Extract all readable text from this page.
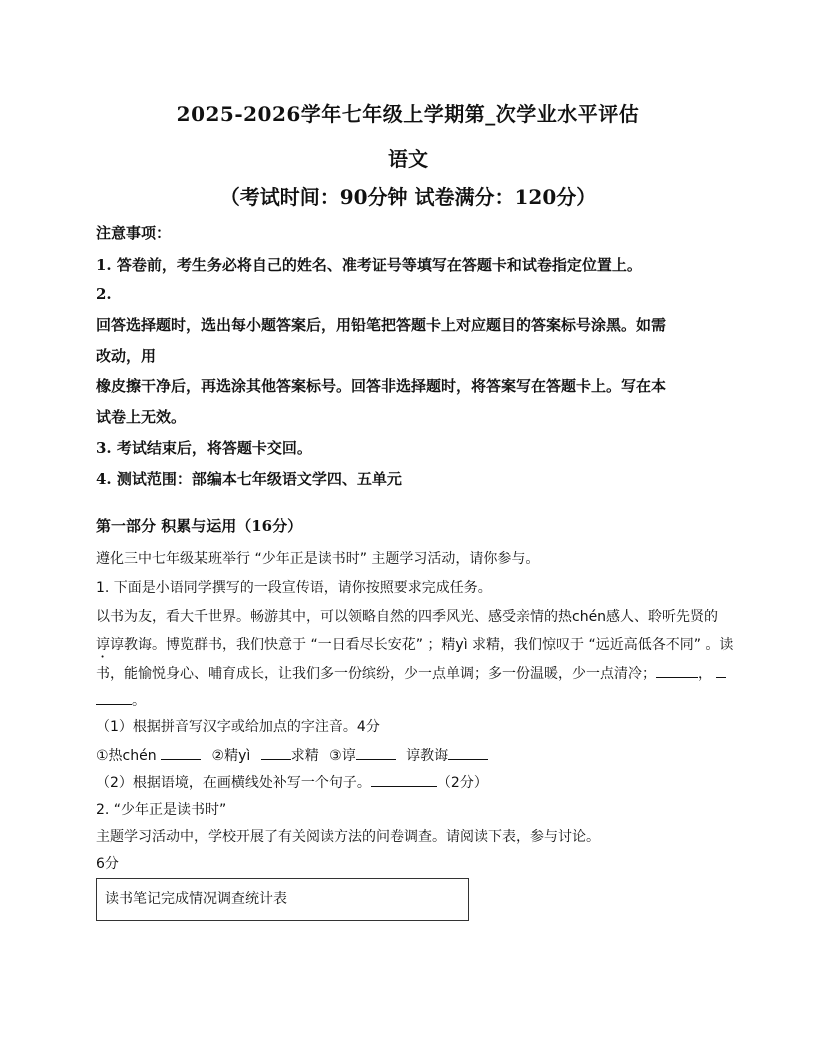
2025-2026学年七年级上学期第_次学业水平评估
语文
（考试时间：90分钟 试卷满分：120分）
注意事项：
1. 答卷前，考生务必将自己的姓名、准考证号等填写在答题卡和试卷指定位置上。
2.
回答选择题时，选出每小题答案后，用铅笔把答题卡上对应题目的答案标号涂黑。如需
改动，用
橡皮擦干净后，再选涂其他答案标号。回答非选择题时，将答案写在答题卡上。写在本
试卷上无效。
3. 考试结束后，将答题卡交回。
4. 测试范围：部编本七年级语文学四、五单元
第一部分 积累与运用（16分）
遵化三中七年级某班举行 “少年正是读书时” 主题学习活动，请你参与。
1. 下面是小语同学撰写的一段宣传语，请你按照要求完成任务。
以书为友，看大千世界。畅游其中，可以领略自然的四季风光、感受亲情的热chén感人、聆听先贤的
谆谆教诲。博览群书，我们快意于 “一日看尽长安花” ；精yì 求精，我们惊叹于 “远近高低各不同” 。读
书，能愉悦身心、哺育成长，让我们多一份缤纷，少一点单调；多一份温暖，少一点清冷；	，
。
（1）根据拼音写汉字或给加点的字注音。4分
①热chén	②精yì	求精 ③谆	谆教诲
（2）根据语境，在画横线处补写一个句子。	（2分）
2. “少年正是读书时”
主题学习活动中，学校开展了有关阅读方法的问卷调查。请阅读下表，参与讨论。
6分
读书笔记完成情况调查统计表
